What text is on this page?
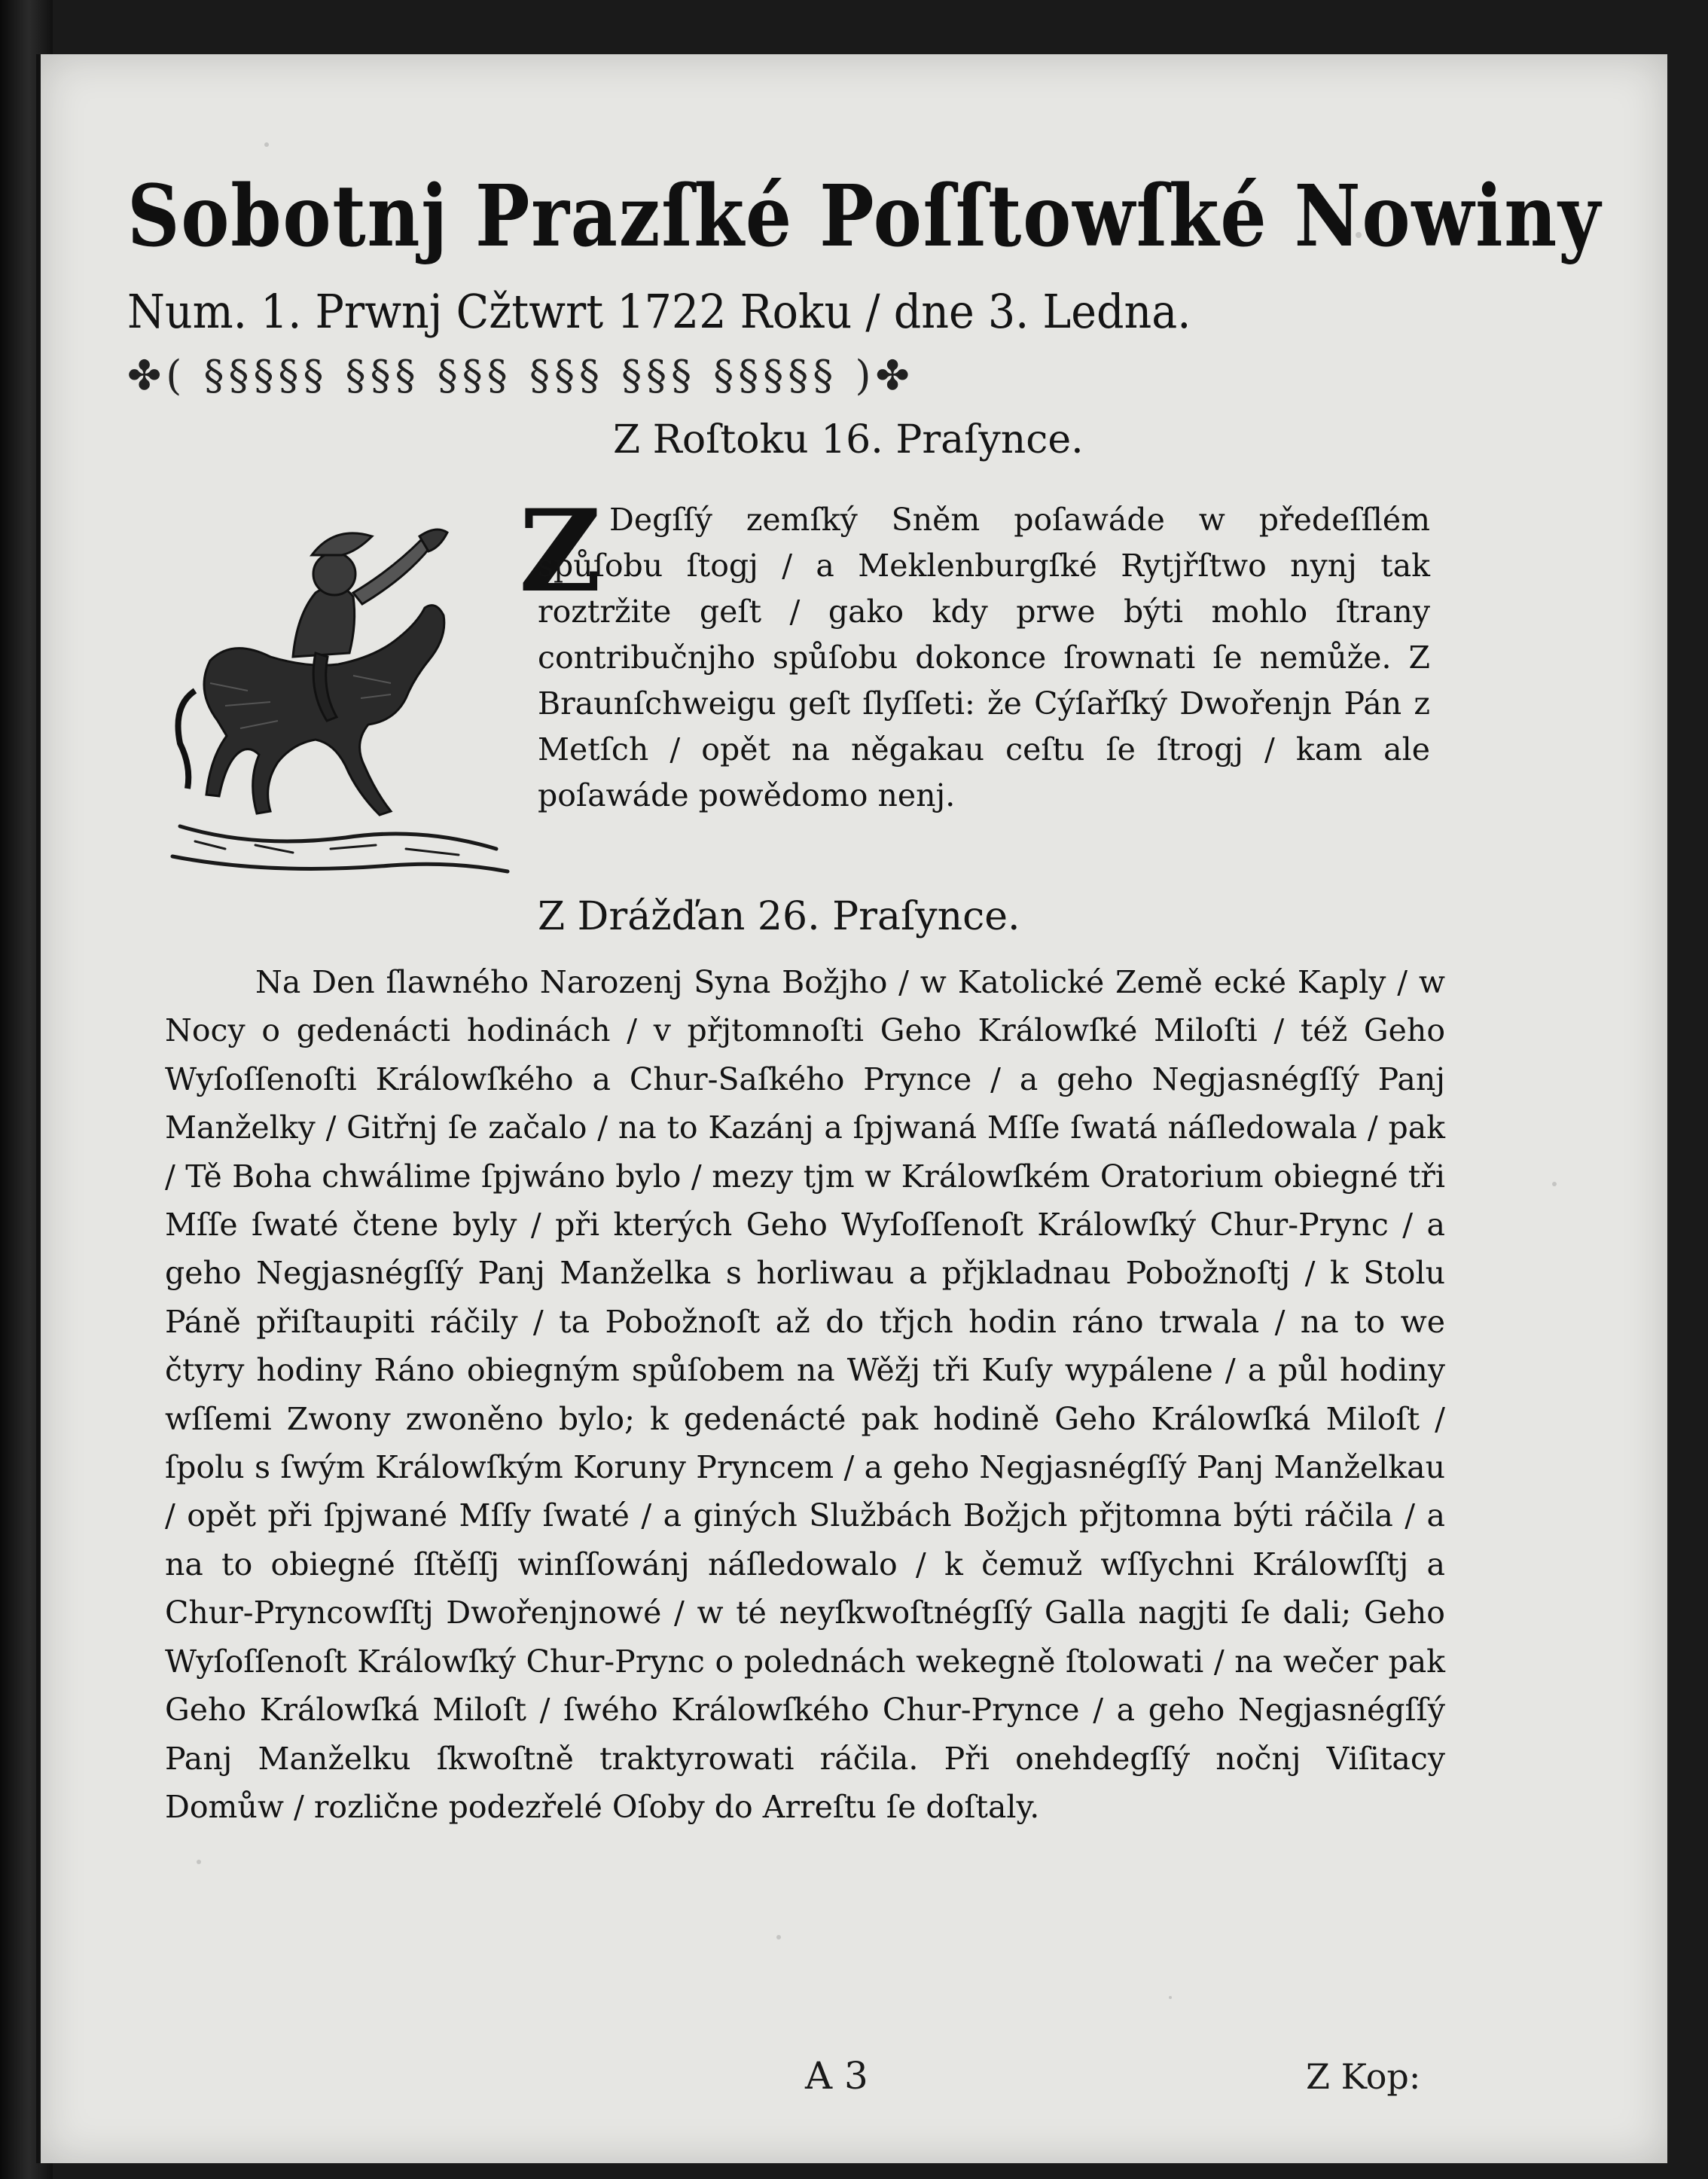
Sobotnj Prazſké Poſſtowſké Nowiny
Num. 1. Prwnj Cžtwrt 1722 Roku / dne 3. Ledna.
✤( §§§§§ §§§ §§§ §§§ §§§ §§§§§ )✤
Z Roſtoku 16. Praſynce.
Z Degſſý zemſký Sněm poſawáde w předeſſlém spůſobu ſtogj / a Meklenburgſké Rytjřſtwo nynj tak roztržite geſt / gako kdy prwe býti mohlo ſtrany contribučnjho spůſobu dokonce ſrownati ſe nemůže. Z Braunſchweigu geſt ſlyſſeti: že Cýſařſký Dwořenjn Pán z Metſch / opět na něgakau ceſtu ſe ſtrogj / kam ale poſawáde powědomo nenj.
Z Drážďan 26. Praſynce.
Na Den ſlawného Narozenj Syna Božjho / w Katolické Země ecké Kaply / w Nocy o gedenácti hodinách / v přjtomnoſti Geho Králowſké Miloſti / též Geho Wyſoſſenoſti Králowſkého a Chur-Saſkého Prynce / a geho Negjasnégſſý Panj Manželky / Gitřnj ſe začalo / na to Kazánj a ſpjwaná Mſſe ſwatá náſledowala / pak / Tě Boha chwálime ſpjwáno bylo / mezy tjm w Králowſkém Oratorium obiegné tři Mſſe ſwaté čtene byly / při kterých Geho Wyſoſſenoſt Králowſký Chur-Prync / a geho Negjasnégſſý Panj Manželka s horliwau a přjkladnau Pobožnoſtj / k Stolu Páně přiſtaupiti ráčily / ta Pobožnoſt až do třjch hodin ráno trwala / na to we čtyry hodiny Ráno obiegným spůſobem na Wěžj tři Kuſy wypálene / a půl hodiny wſſemi Zwony zwoněno bylo; k gedenácté pak hodině Geho Králowſká Miloſt / ſpolu s ſwým Králowſkým Koruny Pryncem / a geho Negjasnégſſý Panj Manželkau / opět při ſpjwané Mſſy ſwaté / a giných Službách Božjch přjtomna býti ráčila / a na to obiegné ſſtěſſj winſſowánj náſledowalo / k čemuž wſſychni Králowſſtj a Chur-Pryncowſſtj Dwořenjnowé / w té neyſkwoſtnégſſý Galla nagjti ſe dali; Geho Wyſoſſenoſt Králowſký Chur-Prync o polednách wekegně ſtolowati / na wečer pak Geho Králowſká Miloſt / ſwého Králowſkého Chur-Prynce / a geho Negjasnégſſý Panj Manželku ſkwoſtně traktyrowati ráčila. Při onehdegſſý nočnj Viſitacy Domůw / rozlične podezřelé Oſoby do Arreſtu ſe doſtaly.
A 3	Z Kop:
